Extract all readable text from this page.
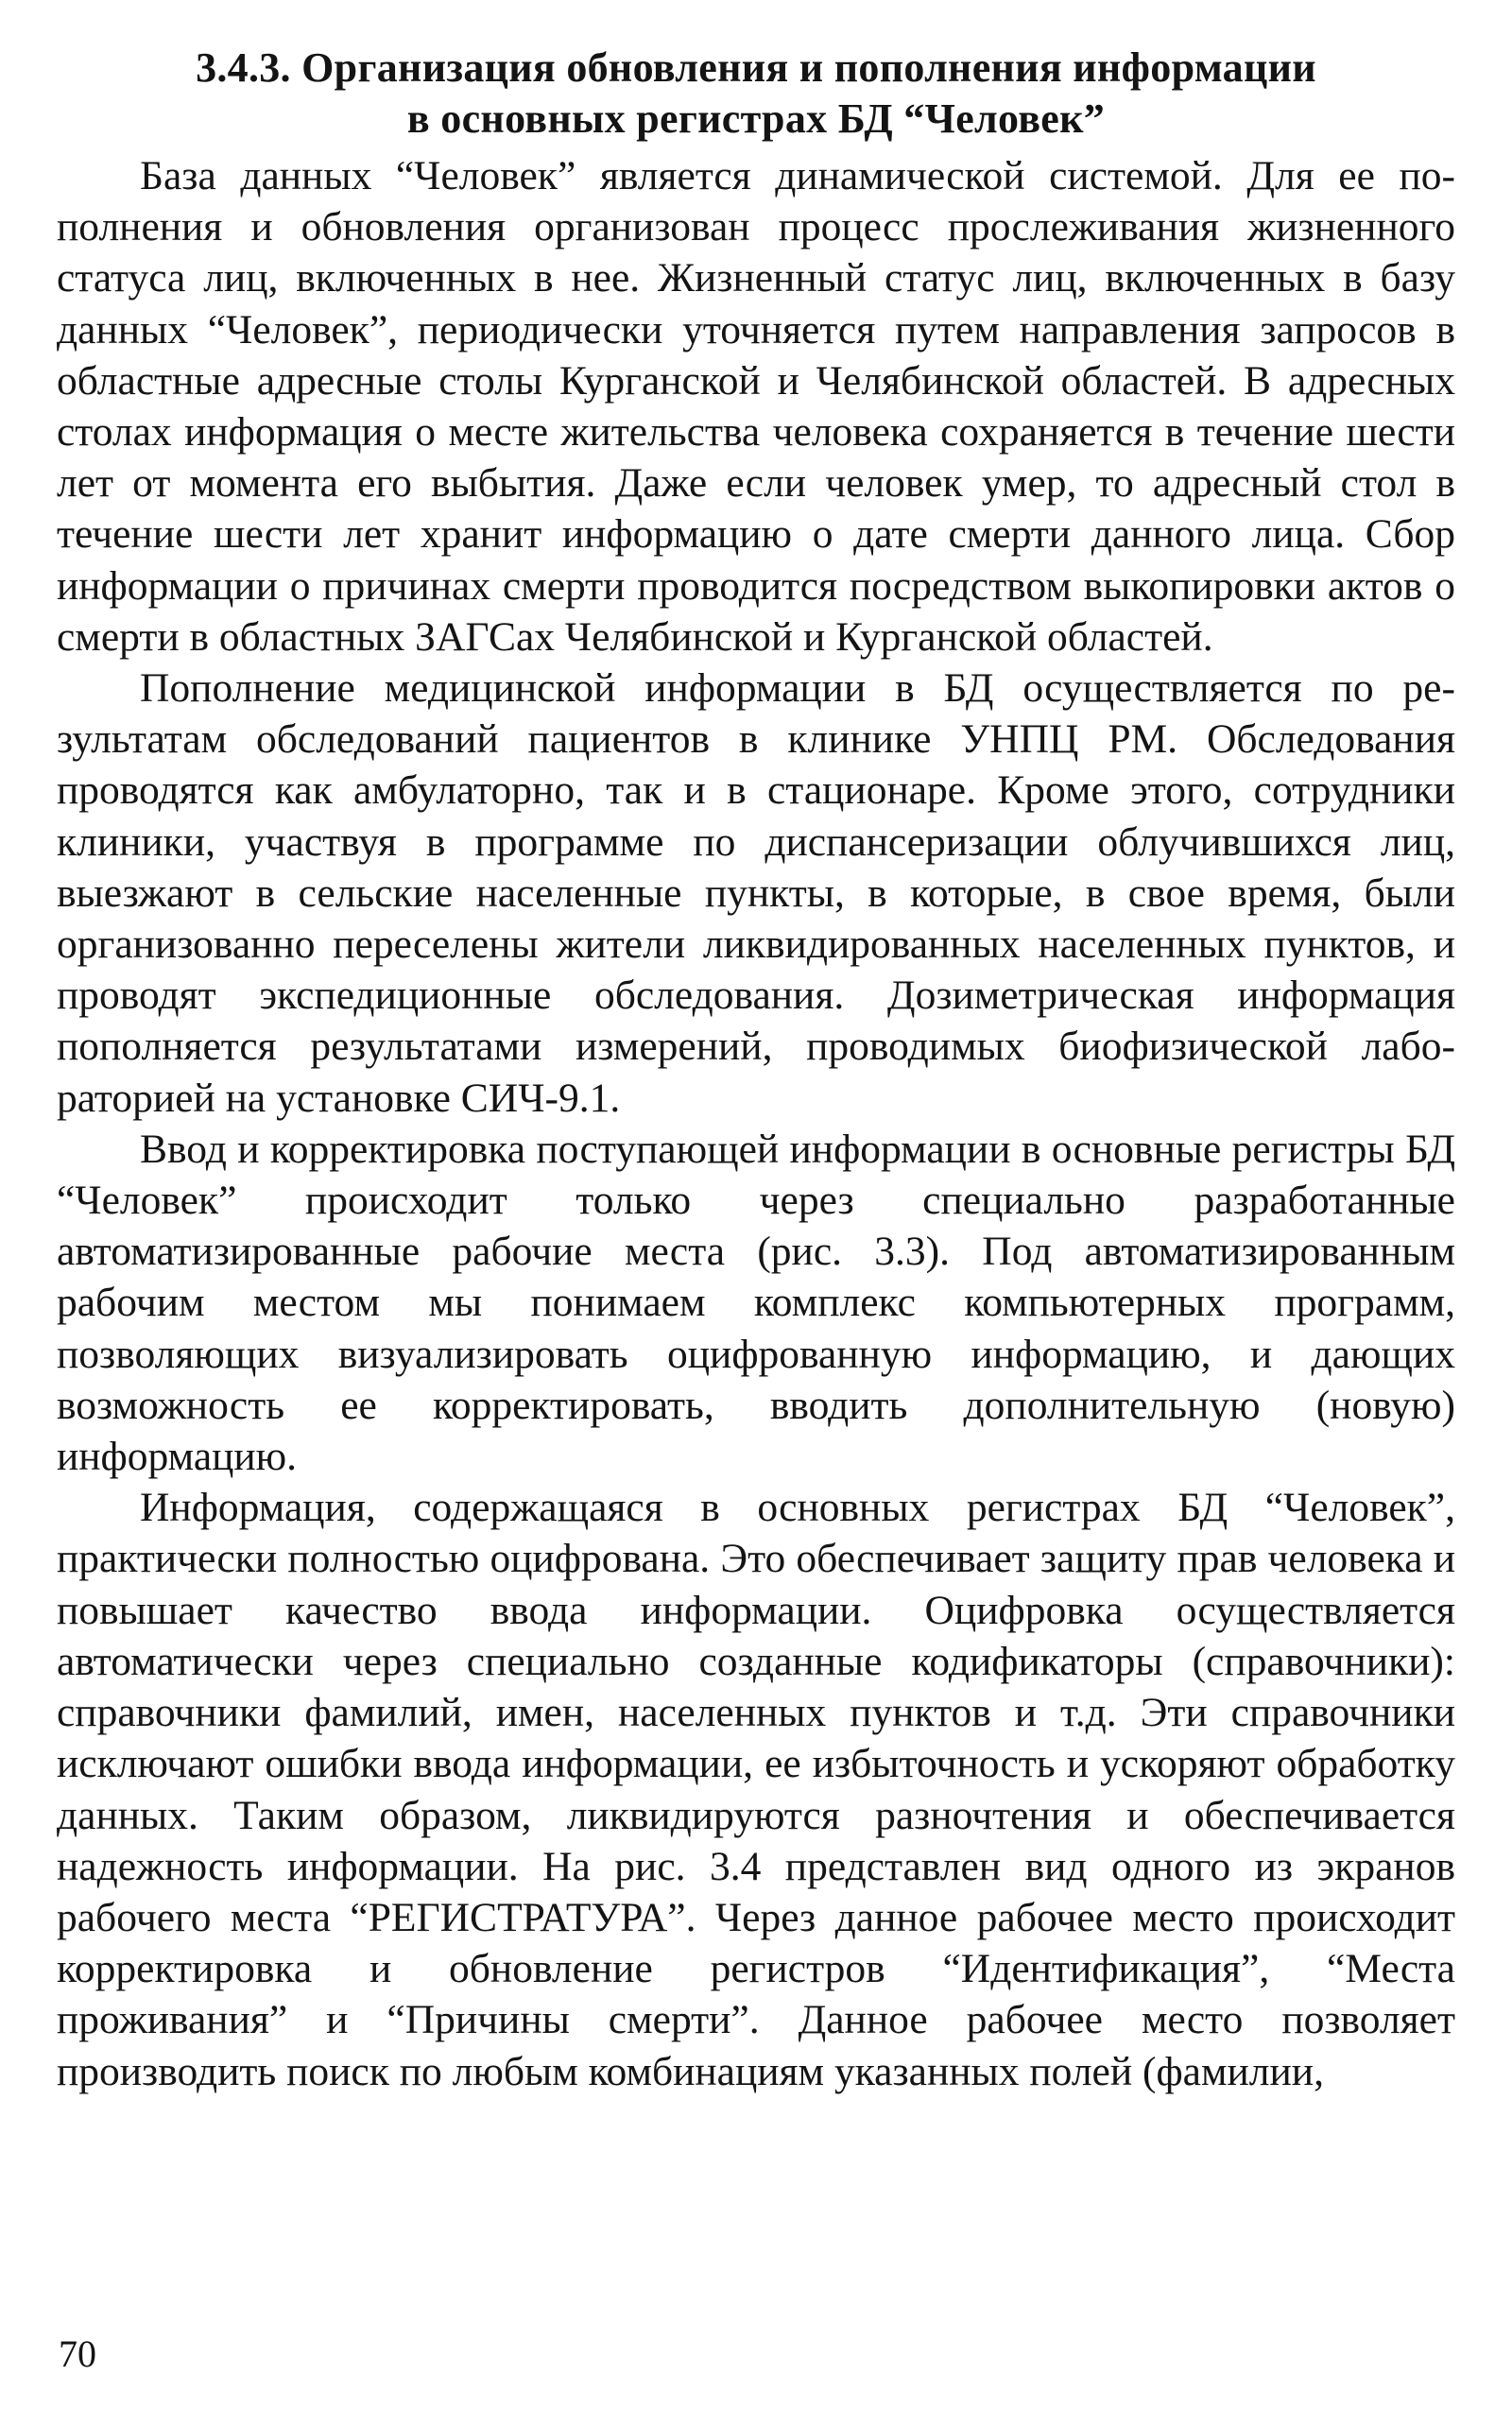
3.4.3. Организация обновления и пополнения информации
в основных регистрах БД “Человек”

База данных “Человек” является динамической системой. Для ее пополнения и обновления организован процесс прослеживания жизненного статуса лиц, включенных в нее. Жизненный статус лиц, включенных в базу данных “Человек”, периодически уточняется путем направления запросов в областные адресные столы Курганской и Челябинской областей. В адресных столах информация о месте жительства человека сохраняется в течение шести лет от момента его выбытия. Даже если человек умер, то адресный стол в течение шести лет хранит информацию о дате смерти данного лица. Сбор информации о причинах смерти проводится посредством выкопировки актов о смерти в областных ЗАГСах Челябинской и Курганской областей.

Пополнение медицинской информации в БД осуществляется по результатам обследований пациентов в клинике УНПЦ РМ. Обследования проводятся как амбулаторно, так и в стационаре. Кроме этого, сотрудники клиники, участвуя в программе по диспансеризации облучившихся лиц, выезжают в сельские населенные пункты, в которые, в свое время, были организованно переселены жители ликвидированных населенных пунктов, и проводят экспедиционные обследования. Дозиметрическая информация пополняется результатами измерений, проводимых биофизической лабораторией на установке СИЧ-9.1.

Ввод и корректировка поступающей информации в основные регистры БД “Человек” происходит только через специально разработанные автоматизированные рабочие места (рис. 3.3). Под автоматизированным рабочим местом мы понимаем комплекс компьютерных программ, позволяющих визуализировать оцифрованную информацию, и дающих возможность ее корректировать, вводить дополнительную (новую) информацию.

Информация, содержащаяся в основных регистрах БД “Человек”, практически полностью оцифрована. Это обеспечивает защиту прав человека и повышает качество ввода информации. Оцифровка осуществляется автоматически через специально созданные кодификаторы (справочники): справочники фамилий, имен, населенных пунктов и т.д. Эти справочники исключают ошибки ввода информации, ее избыточность и ускоряют обработку данных. Таким образом, ликвидируются разночтения и обеспечивается надежность информации. На рис. 3.4 представлен вид одного из экранов рабочего места “РЕГИСТРАТУРА”. Через данное рабочее место происходит корректировка и обновление регистров “Идентификация”, “Места проживания” и “Причины смерти”. Данное рабочее место позволяет производить поиск по любым комбинациям указанных полей (фамилии,

70
